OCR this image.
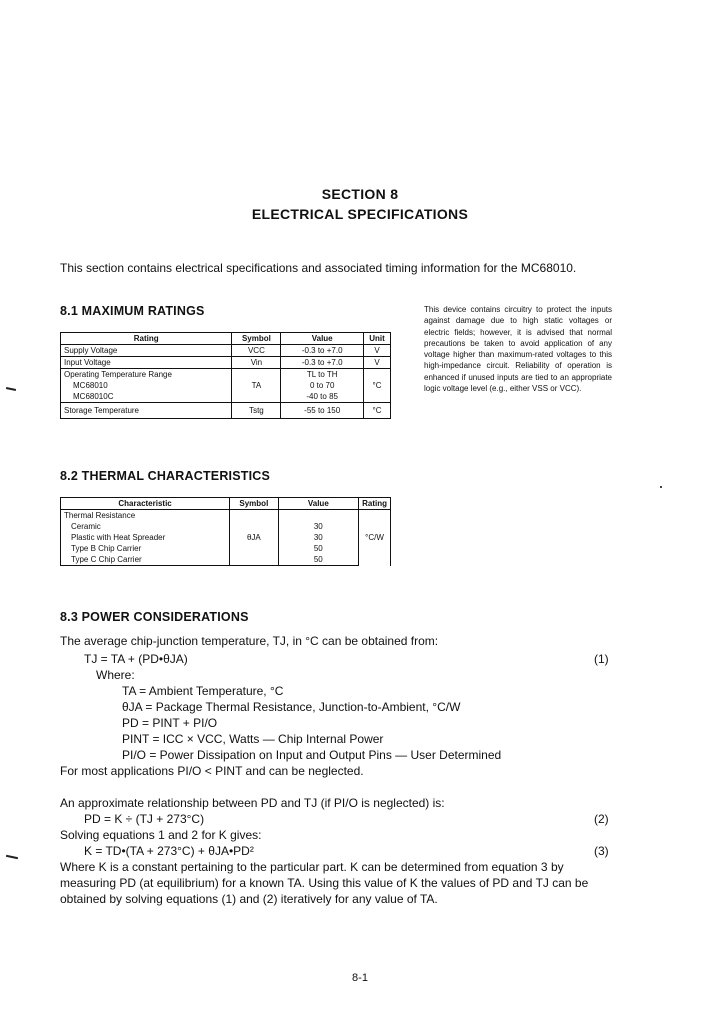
SECTION 8
ELECTRICAL SPECIFICATIONS
This section contains electrical specifications and associated timing information for the MC68010.
8.1 MAXIMUM RATINGS
Rating	Symbol	Value	Unit
Supply Voltage	VCC	-0.3 to +7.0	V
Input Voltage	Vin	-0.3 to +7.0	V
Operating Temperature Range		TL to TH	
MC68010	TA	0 to 70	°C
MC68010C		-40 to 85	
Storage Temperature	Tstg	-55 to 150	°C
This device contains circuitry to protect the inputs against damage due to high static voltages or electric fields; however, it is advised that normal precautions be taken to avoid application of any voltage higher than maximum-rated voltages to this high-impedance circuit. Reliability of operation is enhanced if unused inputs are tied to an appropriate logic voltage level (e.g., either VSS or VCC).
8.2 THERMAL CHARACTERISTICS
Characteristic	Symbol	Value	Rating
Thermal Resistance			
Ceramic		30	
Plastic with Heat Spreader	θJA	30	°C/W
Type B Chip Carrier		50	
Type C Chip Carrier		50	
8.3 POWER CONSIDERATIONS
The average chip-junction temperature, TJ, in °C can be obtained from:
TJ = TA + (PD•θJA)	(1)
Where:
TA = Ambient Temperature, °C
θJA = Package Thermal Resistance, Junction-to-Ambient, °C/W
PD = PINT + PI/O
PINT = ICC × VCC, Watts — Chip Internal Power
PI/O = Power Dissipation on Input and Output Pins — User Determined
For most applications PI/O < PINT and can be neglected.
An approximate relationship between PD and TJ (if PI/O is neglected) is:
PD = K ÷ (TJ + 273°C)	(2)
Solving equations 1 and 2 for K gives:
K = TD•(TA + 273°C) + θJA•PD²	(3)
Where K is a constant pertaining to the particular part. K can be determined from equation 3 by
measuring PD (at equilibrium) for a known TA. Using this value of K the values of PD and TJ can be
obtained by solving equations (1) and (2) iteratively for any value of TA.
8-1
